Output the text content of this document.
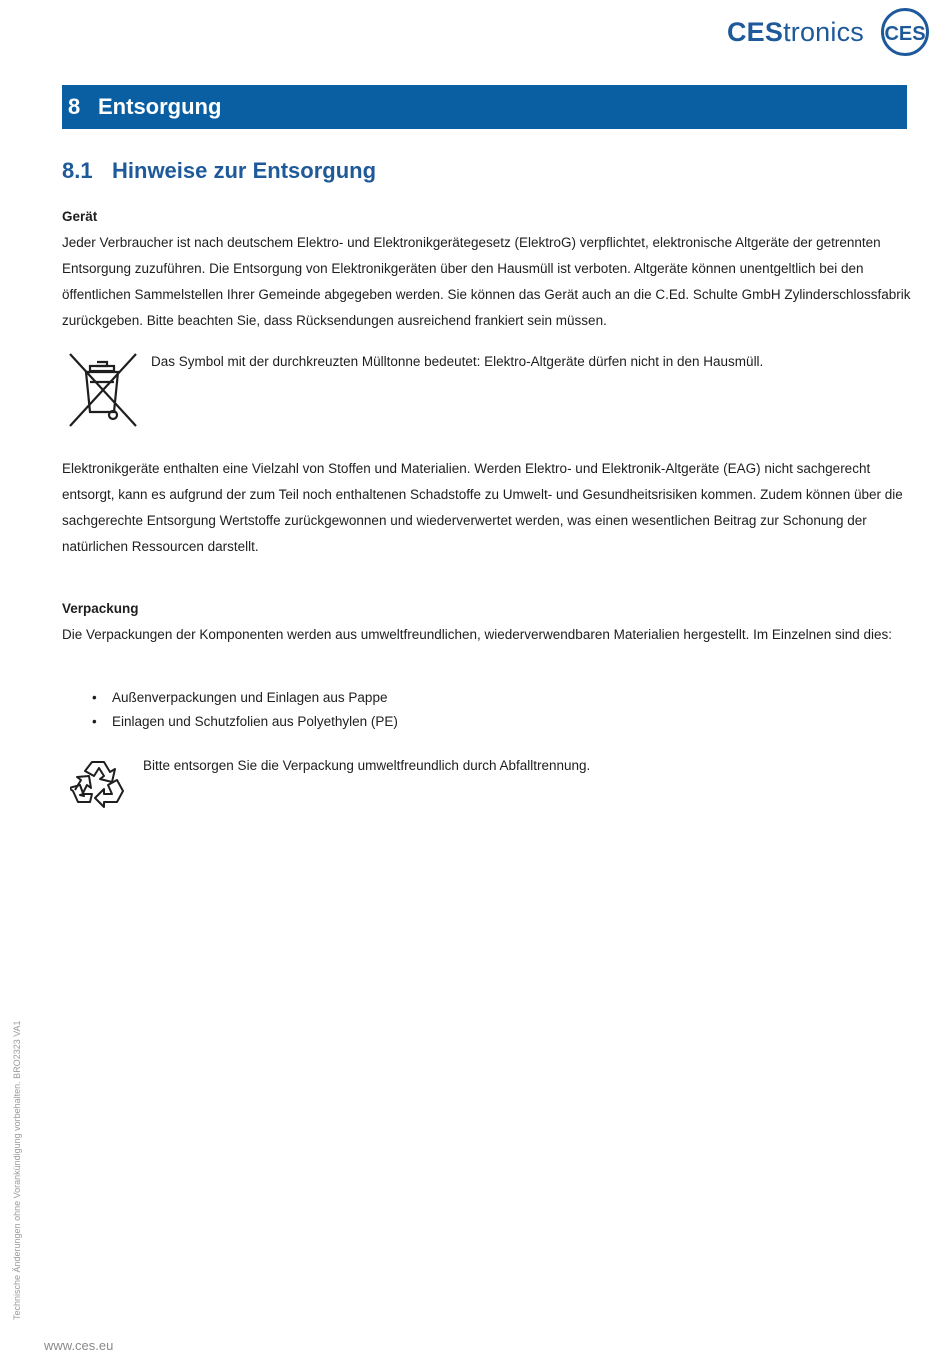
CEStronics CES
8 Entsorgung
8.1 Hinweise zur Entsorgung
Gerät

Jeder Verbraucher ist nach deutschem Elektro- und Elektronikgerätegesetz (ElektroG) verpflichtet, elektronische Altgeräte der getrennten Entsorgung zuzuführen. Die Entsorgung von Elektronikgeräten über den Hausmüll ist verboten. Altgeräte können unentgeltlich bei den öffentlichen Sammelstellen Ihrer Gemeinde abgegeben werden. Sie können das Gerät auch an die C.Ed. Schulte GmbH Zylinderschlossfabrik zurückgeben. Bitte beachten Sie, dass Rücksendungen ausreichend frankiert sein müssen.

Das Symbol mit der durchkreuzten Mülltonne bedeutet: Elektro-Altgeräte dürfen nicht in den Hausmüll.

Elektronikgeräte enthalten eine Vielzahl von Stoffen und Materialien. Werden Elektro- und Elektronik-Altgeräte (EAG) nicht sachgerecht entsorgt, kann es aufgrund der zum Teil noch enthaltenen Schadstoffe zu Umwelt- und Gesundheitsrisiken kommen. Zudem können über die sachgerechte Entsorgung Wertstoffe zurückgewonnen und wiederverwertet werden, was einen wesentlichen Beitrag zur Schonung der natürlichen Ressourcen darstellt.

Verpackung

Die Verpackungen der Komponenten werden aus umweltfreundlichen, wiederverwendbaren Materialien hergestellt. Im Einzelnen sind dies:

• Außenverpackungen und Einlagen aus Pappe
• Einlagen und Schutzfolien aus Polyethylen (PE)
Bitte entsorgen Sie die Verpackung umweltfreundlich durch Abfalltrennung.
Technische Änderungen ohne Vorankündigung vorbehalten. BRO2323 VA1
www.ces.eu
